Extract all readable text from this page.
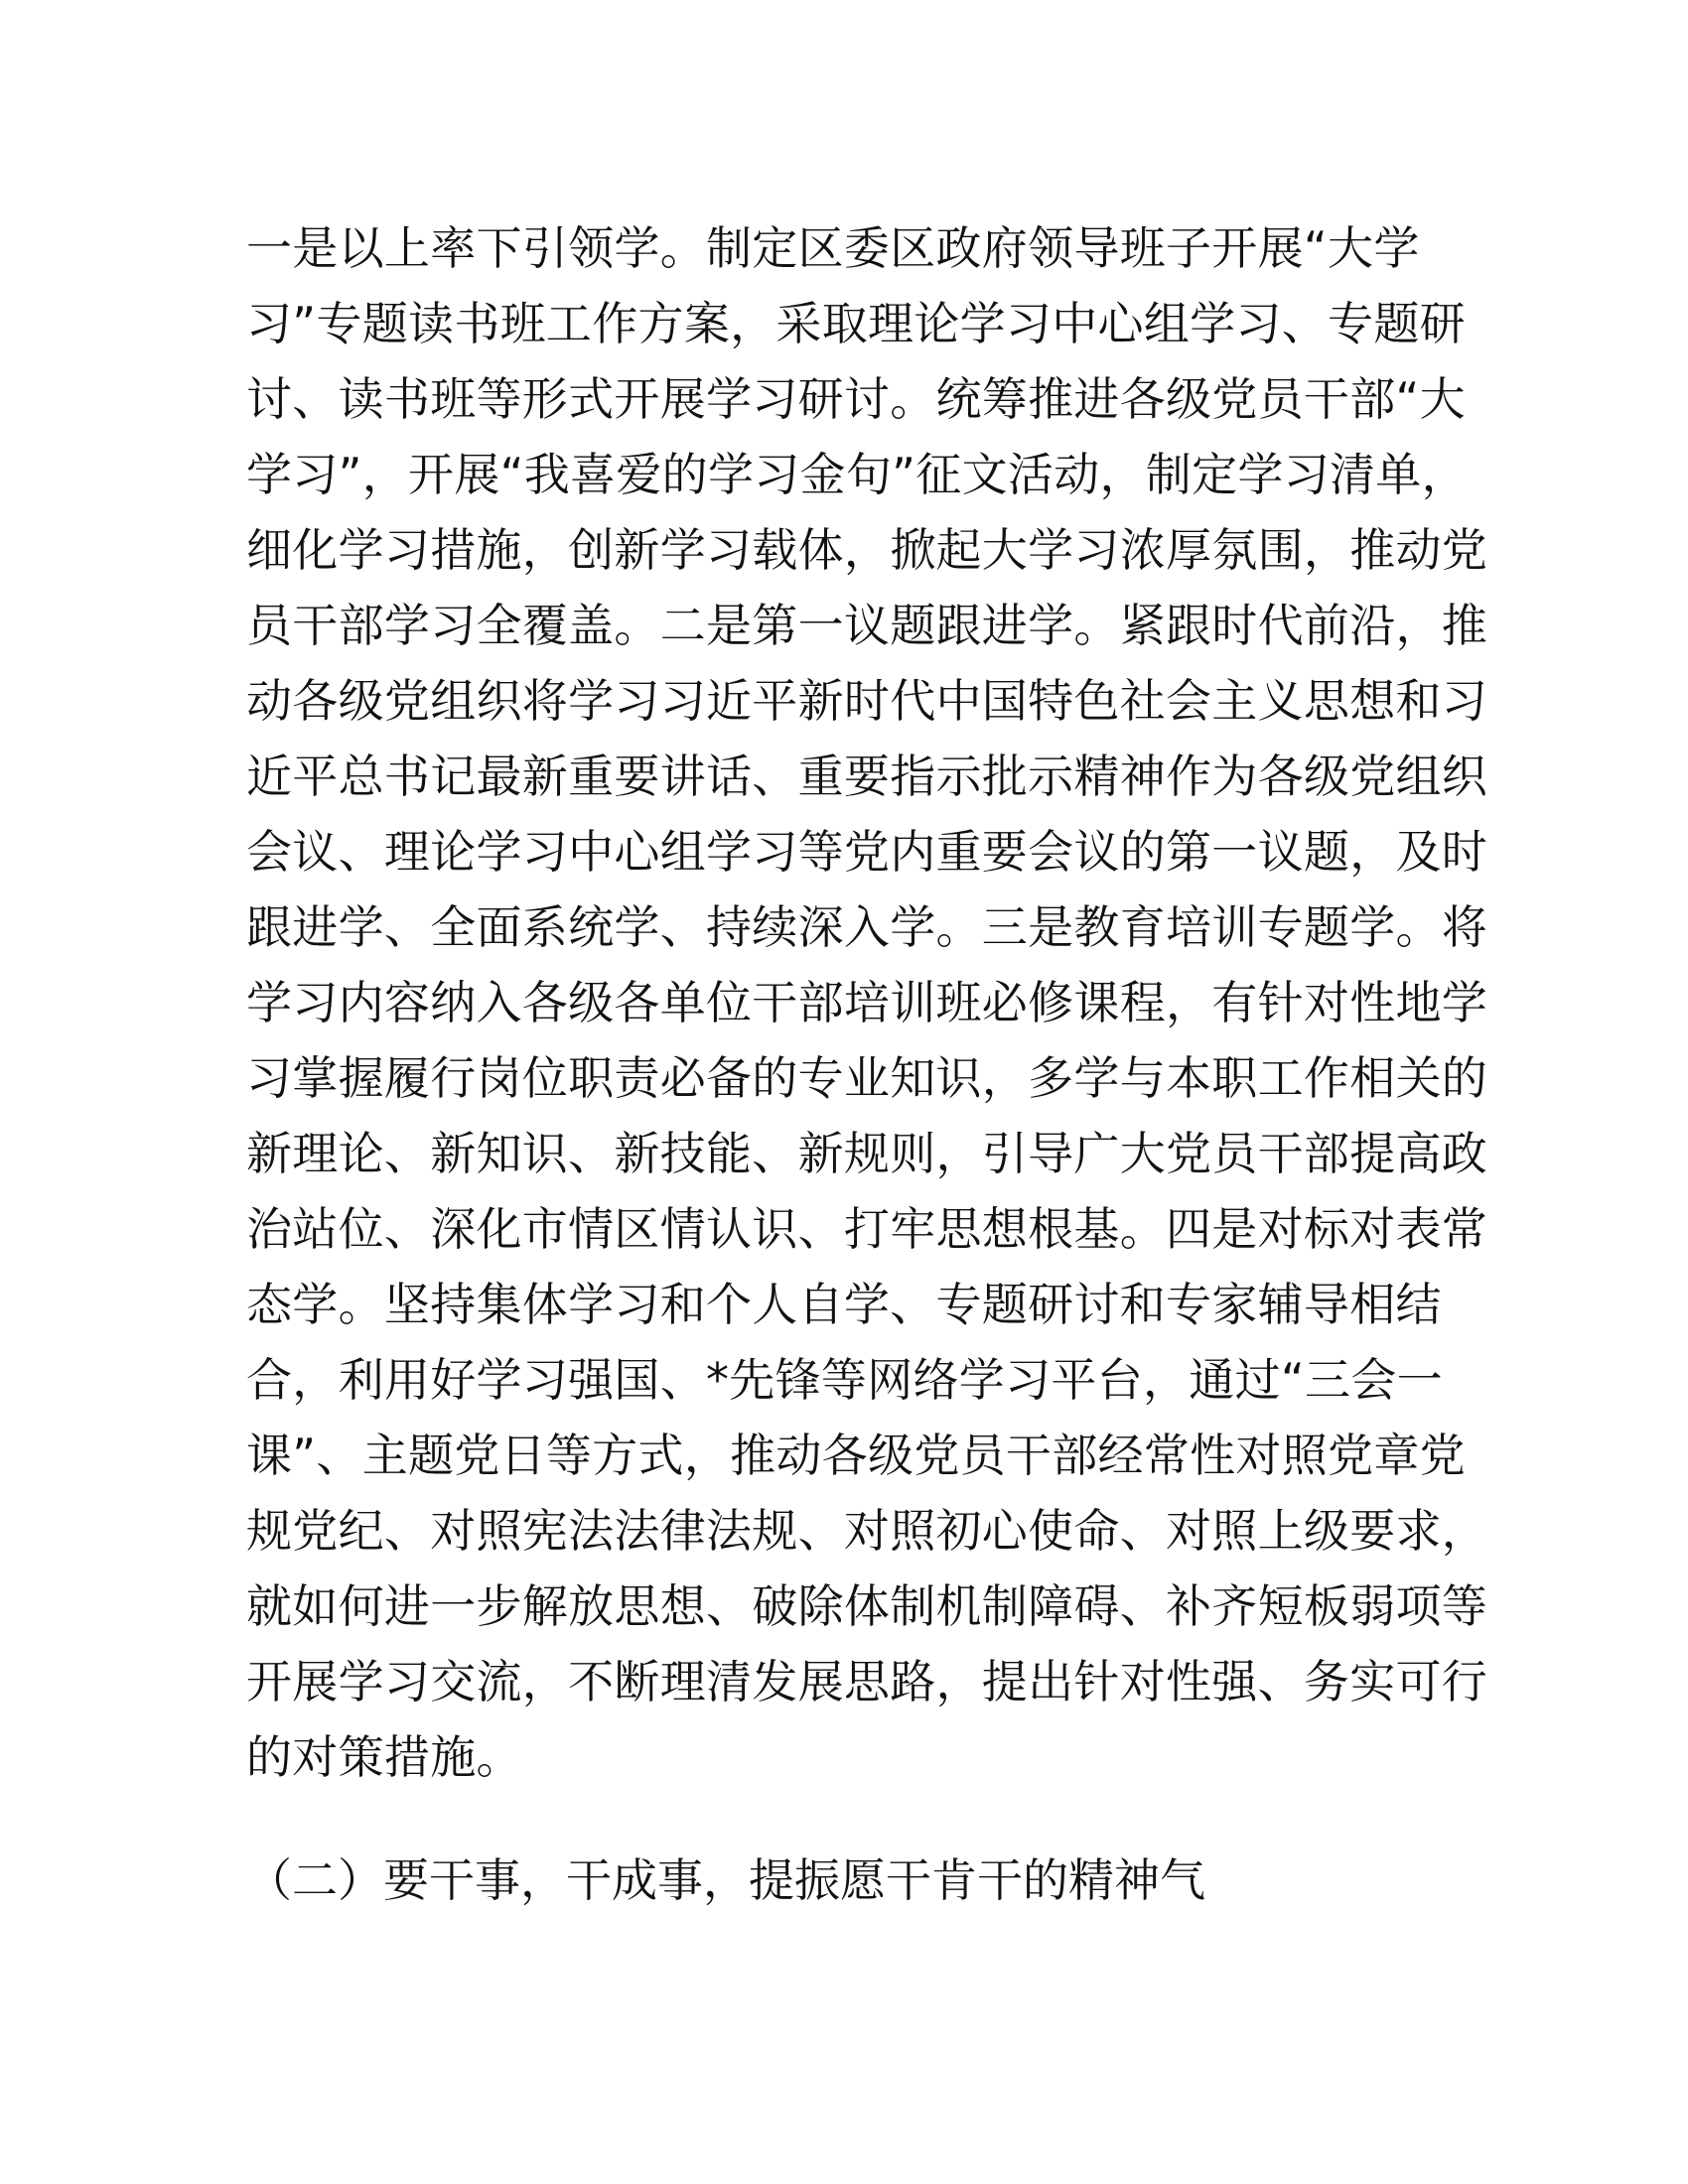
一是以上率下引领学。制定区委区政府领导班子开展“大学
习”专题读书班工作方案，采取理论学习中心组学习、专题研
讨、读书班等形式开展学习研讨。统筹推进各级党员干部“大
学习”，开展“我喜爱的学习金句”征文活动，制定学习清单，
细化学习措施，创新学习载体，掀起大学习浓厚氛围，推动党
员干部学习全覆盖。二是第一议题跟进学。紧跟时代前沿，推
动各级党组织将学习习近平新时代中国特色社会主义思想和习
近平总书记最新重要讲话、重要指示批示精神作为各级党组织
会议、理论学习中心组学习等党内重要会议的第一议题，及时
跟进学、全面系统学、持续深入学。三是教育培训专题学。将
学习内容纳入各级各单位干部培训班必修课程，有针对性地学
习掌握履行岗位职责必备的专业知识，多学与本职工作相关的
新理论、新知识、新技能、新规则，引导广大党员干部提高政
治站位、深化市情区情认识、打牢思想根基。四是对标对表常
态学。坚持集体学习和个人自学、专题研讨和专家辅导相结
合，利用好学习强国、*先锋等网络学习平台，通过“三会一
课”、主题党日等方式，推动各级党员干部经常性对照党章党
规党纪、对照宪法法律法规、对照初心使命、对照上级要求，
就如何进一步解放思想、破除体制机制障碍、补齐短板弱项等
开展学习交流，不断理清发展思路，提出针对性强、务实可行
的对策措施。
（二）要干事，干成事，提振愿干肯干的精神气
